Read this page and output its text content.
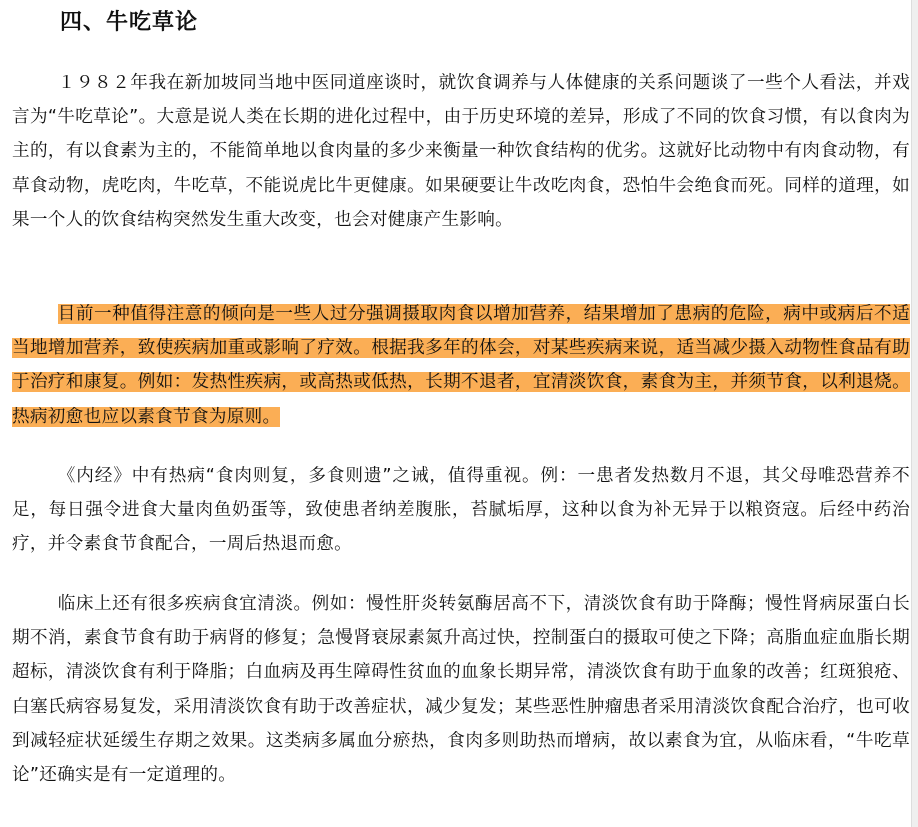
四、牛吃草论

１９８２年我在新加坡同当地中医同道座谈时，就饮食调养与人体健康的关系问题谈了一些个人看法，并戏言为“牛吃草论”。大意是说人类在长期的进化过程中，由于历史环境的差异，形成了不同的饮食习惯，有以食肉为主的，有以食素为主的，不能简单地以食肉量的多少来衡量一种饮食结构的优劣。这就好比动物中有肉食动物，有草食动物，虎吃肉，牛吃草，不能说虎比牛更健康。如果硬要让牛改吃肉食，恐怕牛会绝食而死。同样的道理，如果一个人的饮食结构突然发生重大改变，也会对健康产生影响。

目前一种值得注意的倾向是一些人过分强调摄取肉食以增加营养，结果增加了患病的危险，病中或病后不适当地增加营养，致使疾病加重或影响了疗效。根据我多年的体会，对某些疾病来说，适当减少摄入动物性食品有助于治疗和康复。例如：发热性疾病，或高热或低热，长期不退者，宜清淡饮食，素食为主，并须节食，以利退烧。热病初愈也应以素食节食为原则。

《内经》中有热病“食肉则复，多食则遗”之诫，值得重视。例：一患者发热数月不退，其父母唯恐营养不足，每日强令进食大量肉鱼奶蛋等，致使患者纳差腹胀，苔腻垢厚，这种以食为补无异于以粮资寇。后经中药治疗，并令素食节食配合，一周后热退而愈。

临床上还有很多疾病食宜清淡。例如：慢性肝炎转氨酶居高不下，清淡饮食有助于降酶；慢性肾病尿蛋白长期不消，素食节食有助于病肾的修复；急慢肾衰尿素氮升高过快，控制蛋白的摄取可使之下降；高脂血症血脂长期超标，清淡饮食有利于降脂；白血病及再生障碍性贫血的血象长期异常，清淡饮食有助于血象的改善；红斑狼疮、白塞氏病容易复发，采用清淡饮食有助于改善症状，减少复发；某些恶性肿瘤患者采用清淡饮食配合治疗，也可收到减轻症状延缓生存期之效果。这类病多属血分瘀热，食肉多则助热而增病，故以素食为宜，从临床看，“牛吃草论”还确实是有一定道理的。
